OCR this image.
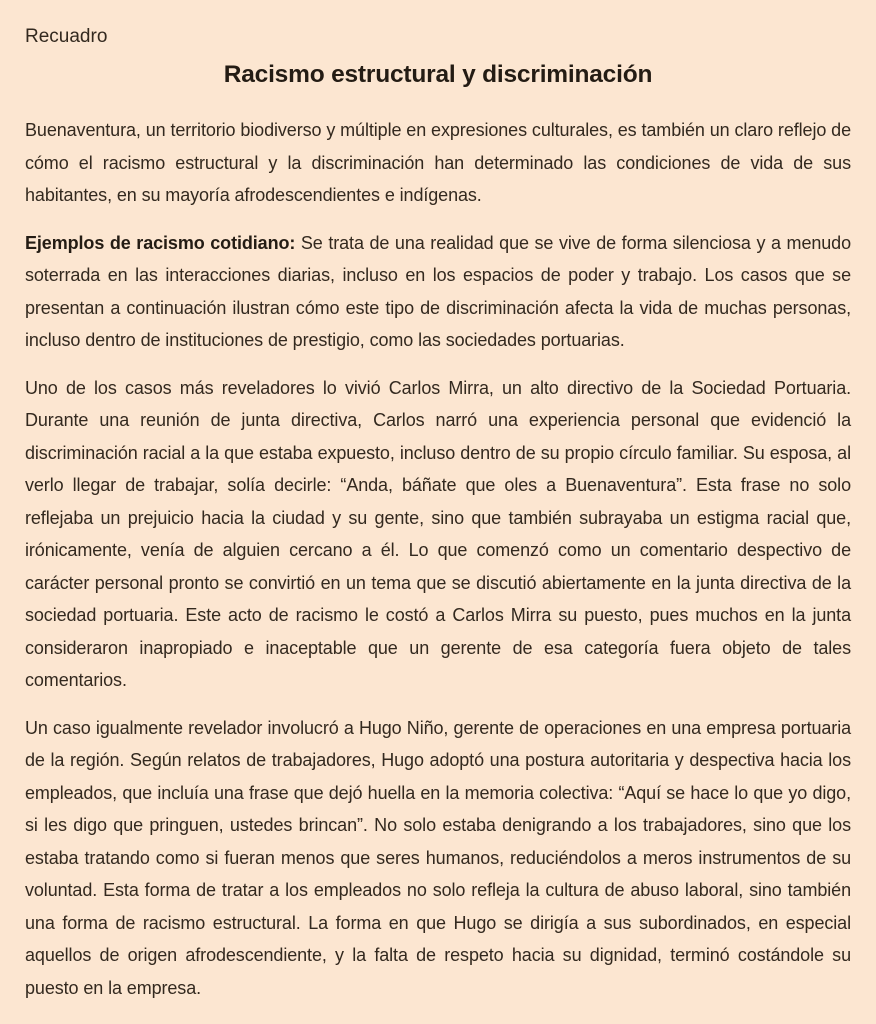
Recuadro
Racismo estructural y discriminación

Buenaventura, un territorio biodiverso y múltiple en expresiones culturales, es también un claro reflejo de cómo el racismo estructural y la discriminación han determinado las condiciones de vida de sus habitantes, en su mayoría afrodescendientes e indígenas.

Ejemplos de racismo cotidiano: Se trata de una realidad que se vive de forma silenciosa y a menudo soterrada en las interacciones diarias, incluso en los espacios de poder y trabajo. Los casos que se presentan a continuación ilustran cómo este tipo de discriminación afecta la vida de muchas personas, incluso dentro de instituciones de prestigio, como las sociedades portuarias.

Uno de los casos más reveladores lo vivió Carlos Mirra, un alto directivo de la Sociedad Portuaria. Durante una reunión de junta directiva, Carlos narró una experiencia personal que evidenció la discriminación racial a la que estaba expuesto, incluso dentro de su propio círculo familiar. Su esposa, al verlo llegar de trabajar, solía decirle: “Anda, báñate que oles a Buenaventura”. Esta frase no solo reflejaba un prejuicio hacia la ciudad y su gente, sino que también subrayaba un estigma racial que, irónicamente, venía de alguien cercano a él. Lo que comenzó como un comentario despectivo de carácter personal pronto se convirtió en un tema que se discutió abiertamente en la junta directiva de la sociedad portuaria. Este acto de racismo le costó a Carlos Mirra su puesto, pues muchos en la junta consideraron inapropiado e inaceptable que un gerente de esa categoría fuera objeto de tales comentarios.

Un caso igualmente revelador involucró a Hugo Niño, gerente de operaciones en una empresa portuaria de la región. Según relatos de trabajadores, Hugo adoptó una postura autoritaria y despectiva hacia los empleados, que incluía una frase que dejó huella en la memoria colectiva: “Aquí se hace lo que yo digo, si les digo que pringuen, ustedes brincan”. No solo estaba denigrando a los trabajadores, sino que los estaba tratando como si fueran menos que seres humanos, reduciéndolos a meros instrumentos de su voluntad. Esta forma de tratar a los empleados no solo refleja la cultura de abuso laboral, sino también una forma de racismo estructural. La forma en que Hugo se dirigía a sus subordinados, en especial aquellos de origen afrodescendiente, y la falta de respeto hacia su dignidad, terminó costándole su puesto en la empresa.
